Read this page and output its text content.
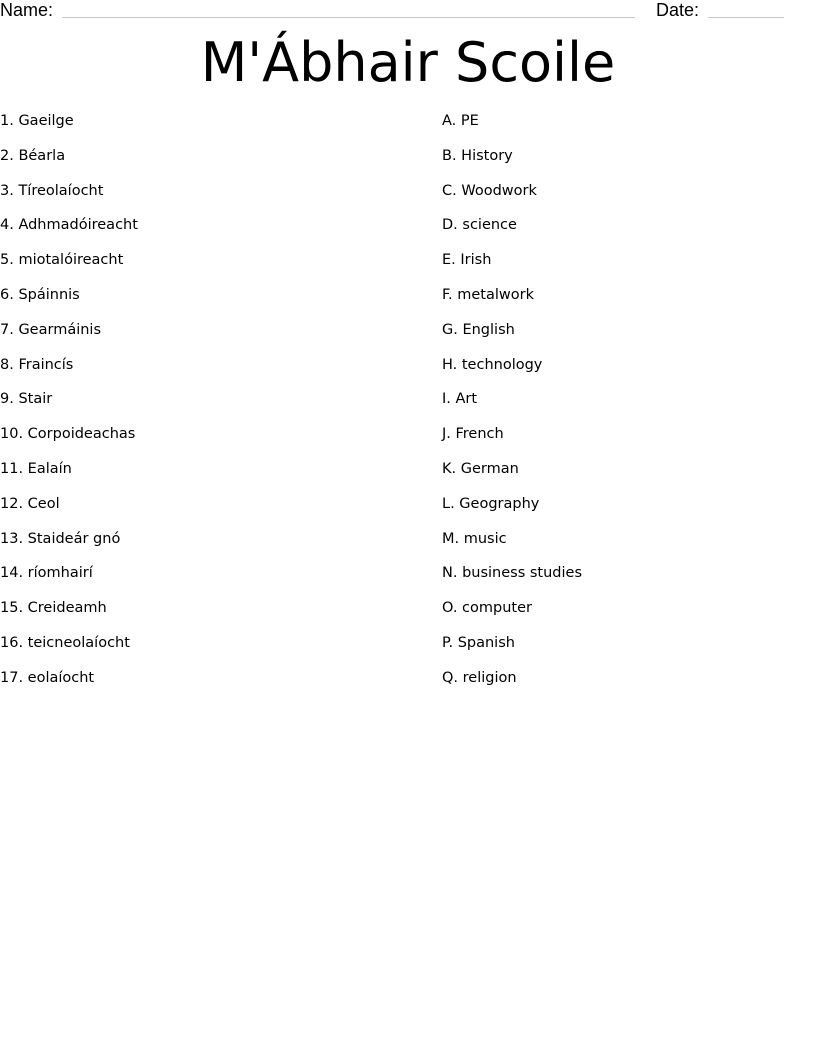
Name:	Date:
M'Ábhair Scoile
1. Gaeilge
2. Béarla
3. Tíreolaíocht
4. Adhmadóireacht
5. miotalóireacht
6. Spáinnis
7. Gearmáinis
8. Fraincís
9. Stair
10. Corpoideachas
11. Ealaín
12. Ceol
13. Staideár gnó
14. ríomhairí
15. Creideamh
16. teicneolaíocht
17. eolaíocht
A. PE
B. History
C. Woodwork
D. science
E. Irish
F. metalwork
G. English
H. technology
I. Art
J. French
K. German
L. Geography
M. music
N. business studies
O. computer
P. Spanish
Q. religion
